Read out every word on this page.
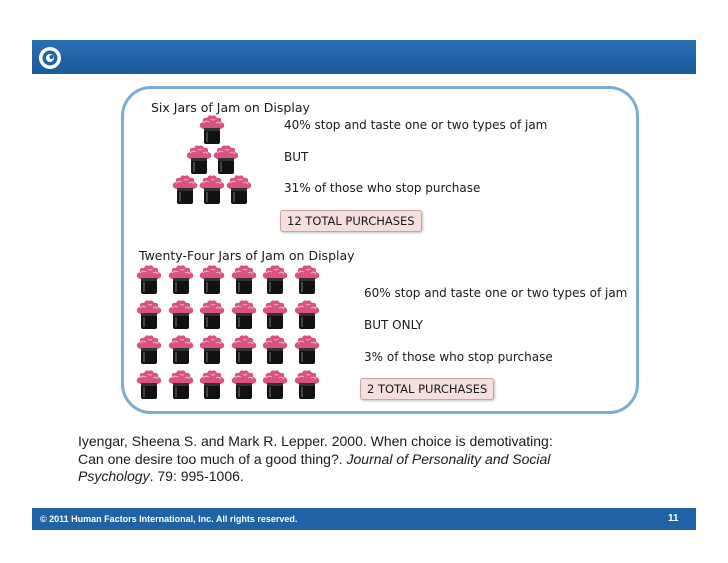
Six Jars of Jam on Display
40% stop and taste one or two types of jam
BUT
31% of those who stop purchase
12 TOTAL PURCHASES
Twenty-Four Jars of Jam on Display
60% stop and taste one or two types of jam
BUT ONLY
3% of those who stop purchase
2 TOTAL PURCHASES
Iyengar, Sheena S. and Mark R. Lepper. 2000. When choice is demotivating:
Can one desire too much of a good thing?. Journal of Personality and Social
Psychology. 79: 995-1006.
© 2011 Human Factors International, Inc. All rights reserved.	11
